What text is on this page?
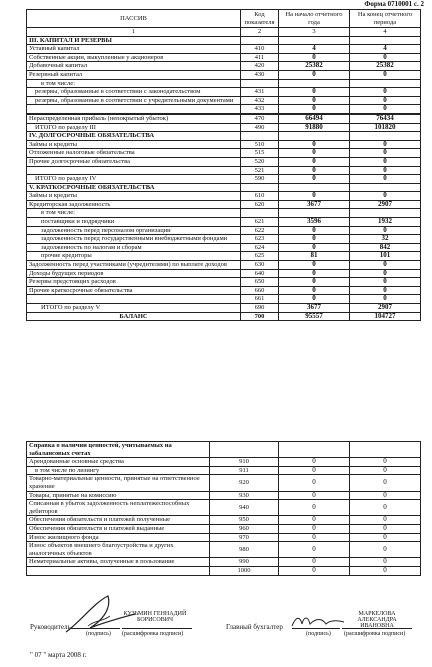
Форма 0710001 с. 2
ПАССИВ	Код показателя	На начало отчетного года	На конец отчетного периода
1	2	3	4
III. КАПИТАЛ И РЕЗЕРВЫ			
Уставный капитал	410	4	4
Собственные акции, выкупленные у акционеров	411	0	0
Добавочный капитал	420	25382	25382
Резервный капитал	430	0	0
в том числе:			
резервы, образованные в соответствии с законодательством	431	0	0
резервы, образованные в соответствии с учредительными документами	432	0	0
	433	0	0

Нераспределенная прибыль (непокрытый убыток)	470	66494	76434
ИТОГО по разделу III	490	91880	101820
IV. ДОЛГОСРОЧНЫЕ ОБЯЗАТЕЛЬСТВА			
Займы и кредиты	510	0	0
Отложенные налоговые обязательства	515	0	0
Прочие долгосрочные обязательства	520	0	0
	521	0	0
ИТОГО по разделу IV	590	0	0
V. КРАТКОСРОЧНЫЕ ОБЯЗАТЕЛЬСТВА			
Займы и кредиты	610	0	0
Кредиторская задолженность	620	3677	2907
в том числе:			
поставщики и подрядчики	621	3596	1932
задолженность перед персоналом организации	622	0	0
задолженность перед государственными внебюджетными фондами	623	0	32
задолженность по налогам и сборам	624	0	842
прочие кредиторы	625	81	101
Задолженность перед участниками (учредителями) по выплате доходов	630	0	0
Доходы будущих периодов	640	0	0
Резервы предстоящих расходов	650	0	0
Прочие краткосрочные обязательства	660	0	0
	661	0	0
ИТОГО по разделу V	690	3677	2907
БАЛАНС	700	95557	104727
Справка о наличии ценностей, учитываемых на забалансовых счетах			
Арендованные основные средства	910	0	0
в том числе по лизингу	911	0	0
Товарно-материальные ценности, принятые на ответственное хранение	920	0	0
Товары, принятые на комиссию	930	0	0
Списанная в убыток задолженность неплатежеспособных дебиторов	940	0	0
Обеспечения обязательств и платежей полученные	950	0	0
Обеспечения обязательств и платежей выданные	960	0	0
Износ жилищного фонда	970	0	0
Износ объектов внешнего благоустройства и других аналогичных объектов	980	0	0
Нематериальные активы, полученные в пользование	990	0	0
	1000	0	0
Руководитель
(подпись)
КУЗЬМИН ГЕННАДИЙ БОРИСОВИЧ
(расшифровка подписи)
Главный бухгалтер
(подпись)
МАРКЕЛОВА АЛЕКСАНДРА ИВАНОВНА
(расшифровка подписи)
" 07 " марта 2008 г.
